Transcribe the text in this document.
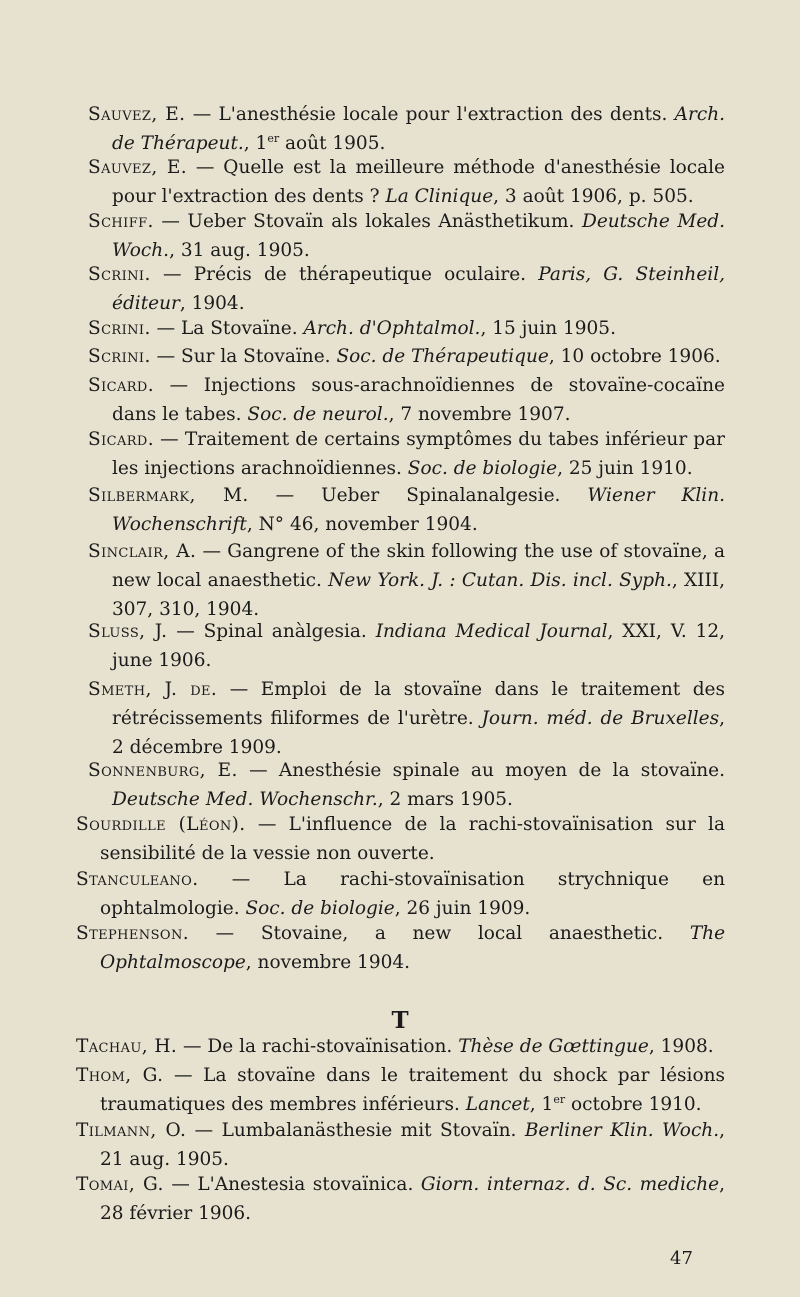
Sauvez, E. — L'anesthésie locale pour l'extraction des dents. Arch. de Thérapeut., 1er août 1905.
Sauvez, E. — Quelle est la meilleure méthode d'anesthésie locale pour l'extraction des dents ? La Clinique, 3 août 1906, p. 505.
Schiff. — Ueber Stovaïn als lokales Anästhetikum. Deutsche Med. Woch., 31 aug. 1905.
Scrini. — Précis de thérapeutique oculaire. Paris, G. Steinheil, éditeur, 1904.
Scrini. — La Stovaïne. Arch. d'Ophtalmol., 15 juin 1905.
Scrini. — Sur la Stovaïne. Soc. de Thérapeutique, 10 octobre 1906.
Sicard. — Injections sous-arachnoïdiennes de stovaïne-cocaïne dans le tabes. Soc. de neurol., 7 novembre 1907.
Sicard. — Traitement de certains symptômes du tabes inférieur par les injections arachnoïdiennes. Soc. de biologie, 25 juin 1910.
Silbermark, M. — Ueber Spinalanalgesie. Wiener Klin. Wochenschrift, N° 46, november 1904.
Sinclair, A. — Gangrene of the skin following the use of stovaïne, a new local anaesthetic. New York. J. : Cutan. Dis. incl. Syph., XIII, 307, 310, 1904.
Sluss, J. — Spinal anàlgesia. Indiana Medical Journal, XXI, V. 12, june 1906.
Smeth, J. de. — Emploi de la stovaïne dans le traitement des rétrécissements filiformes de l'urètre. Journ. méd. de Bruxelles, 2 décembre 1909.
Sonnenburg, E. — Anesthésie spinale au moyen de la stovaïne. Deutsche Med. Wochenschr., 2 mars 1905.
Sourdille (Léon). — L'influence de la rachi-stovaïnisation sur la sensibilité de la vessie non ouverte.
Stanculeano. — La rachi-stovaïnisation strychnique en ophtalmologie. Soc. de biologie, 26 juin 1909.
Stephenson. — Stovaine, a new local anaesthetic. The Ophtalmoscope, novembre 1904.
T
Tachau, H. — De la rachi-stovaïnisation. Thèse de Gœttingue, 1908.
Thom, G. — La stovaïne dans le traitement du shock par lésions traumatiques des membres inférieurs. Lancet, 1er octobre 1910.
Tilmann, O. — Lumbalanästhesie mit Stovaïn. Berliner Klin. Woch., 21 aug. 1905.
Tomai, G. — L'Anestesia stovaïnica. Giorn. internaz. d. Sc. mediche, 28 février 1906.
47
